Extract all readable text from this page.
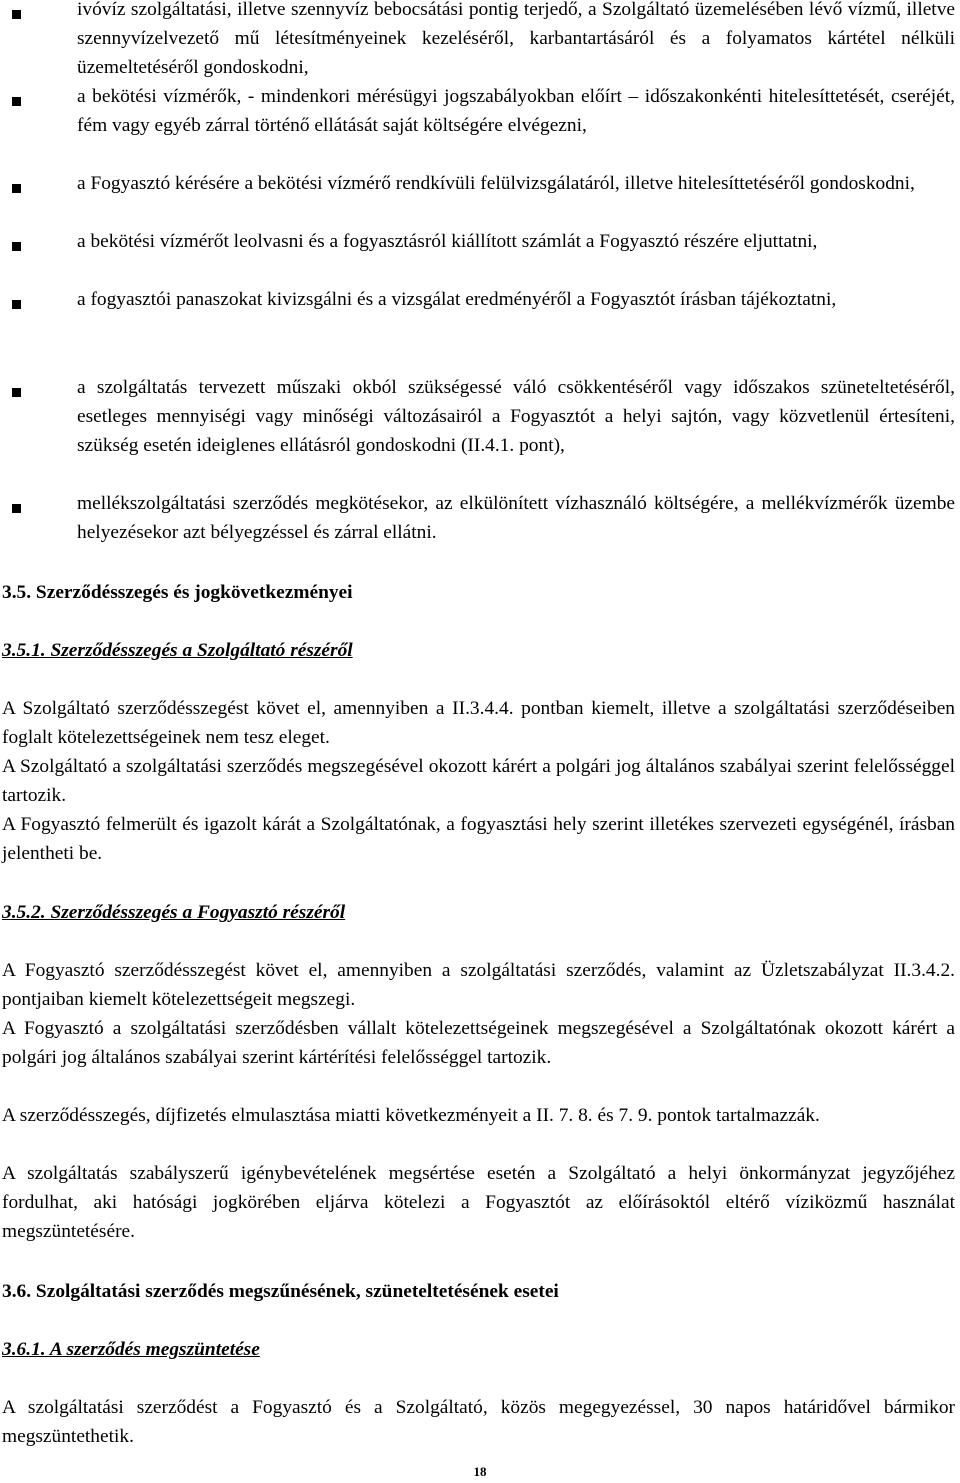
ivóvíz szolgáltatási, illetve szennyvíz bebocsátási pontig terjedő, a Szolgáltató üzemelésében lévő vízmű, illetve szennyvízelvezető mű létesítményeinek kezeléséről, karbantartásáról és a folyamatos kártétel nélküli üzemeltetéséről gondoskodni,
a bekötési vízmérők, - mindenkori mérésügyi jogszabályokban előírt – időszakonkénti hitelesíttetését, cseréjét, fém vagy egyéb zárral történő ellátását saját költségére elvégezni,
a Fogyasztó kérésére a bekötési vízmérő rendkívüli felülvizsgálatáról, illetve hitelesíttetéséről gondoskodni,
a bekötési vízmérőt leolvasni és a fogyasztásról kiállított számlát a Fogyasztó részére eljuttatni,
a fogyasztói panaszokat kivizsgálni és a vizsgálat eredményéről a Fogyasztót írásban tájékoztatni,
a szolgáltatás tervezett műszaki okból szükségessé váló csökkentéséről vagy időszakos szüneteltetéséről, esetleges mennyiségi vagy minőségi változásairól a Fogyasztót a helyi sajtón, vagy közvetlenül értesíteni, szükség esetén ideiglenes ellátásról gondoskodni (II.4.1. pont),
mellékszolgáltatási szerződés megkötésekor, az elkülönített vízhasználó költségére, a mellékvízmérők üzembe helyezésekor azt bélyegzéssel és zárral ellátni.
3.5. Szerződésszegés és jogkövetkezményei
3.5.1. Szerződésszegés a Szolgáltató részéről
A Szolgáltató szerződésszegést követ el, amennyiben a II.3.4.4. pontban kiemelt, illetve a szolgáltatási szerződéseiben foglalt kötelezettségeinek nem tesz eleget.
A Szolgáltató a szolgáltatási szerződés megszegésével okozott kárért a polgári jog általános szabályai szerint felelősséggel tartozik.
A Fogyasztó felmerült és igazolt kárát a Szolgáltatónak, a fogyasztási hely szerint illetékes szervezeti egységénél, írásban jelentheti be.
3.5.2. Szerződésszegés a Fogyasztó részéről
A Fogyasztó szerződésszegést követ el, amennyiben a szolgáltatási szerződés, valamint az Üzletszabályzat II.3.4.2. pontjaiban kiemelt kötelezettségeit megszegi.
A Fogyasztó a szolgáltatási szerződésben vállalt kötelezettségeinek megszegésével a Szolgáltatónak okozott kárért a polgári jog általános szabályai szerint kártérítési felelősséggel tartozik.
A szerződésszegés, díjfizetés elmulasztása miatti következményeit a II. 7. 8. és 7. 9. pontok tartalmazzák.
A szolgáltatás szabályszerű igénybevételének megsértése esetén a Szolgáltató a helyi önkormányzat jegyzőjéhez fordulhat, aki hatósági jogkörében eljárva kötelezi a Fogyasztót az előírásoktól eltérő víziközmű használat megszüntetésére.
3.6. Szolgáltatási szerződés megszűnésének, szüneteltetésének esetei
3.6.1. A szerződés megszüntetése
A szolgáltatási szerződést a Fogyasztó és a Szolgáltató, közös megegyezéssel, 30 napos határidővel bármikor megszüntethetik.
18
